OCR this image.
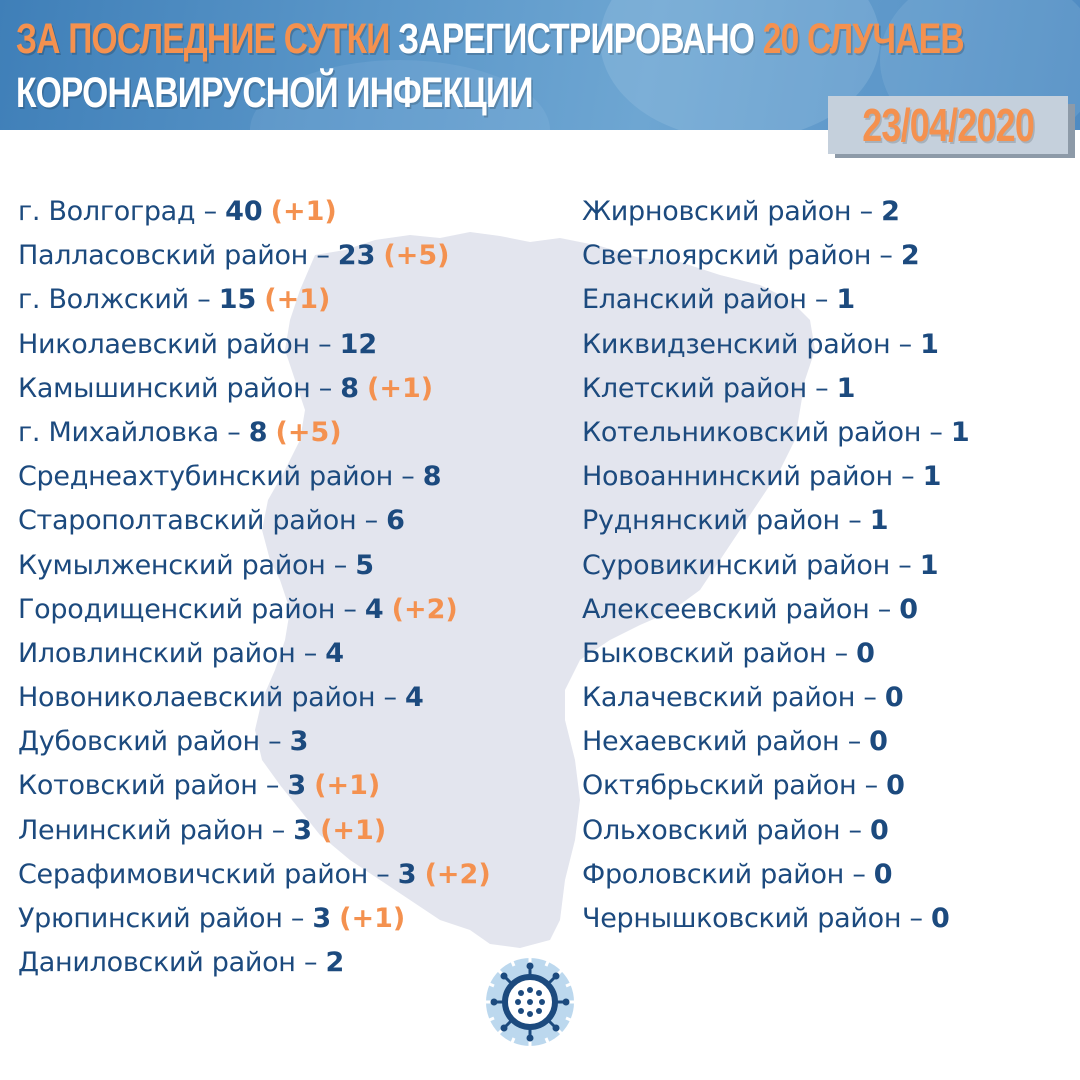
ЗА ПОСЛЕДНИЕ СУТКИ ЗАРЕГИСТРИРОВАНО 20 СЛУЧАЕВ
КОРОНАВИРУСНОЙ ИНФЕКЦИИ
23/04/2020
г. Волгоград – 40 (+1)
Палласовский район – 23 (+5)
г. Волжский – 15 (+1)
Николаевский район – 12
Камышинский район – 8 (+1)
г. Михайловка – 8 (+5)
Среднеахтубинский район – 8
Старополтавский район – 6
Кумылженский район – 5
Городищенский район – 4 (+2)
Иловлинский район – 4
Новониколаевский район – 4
Дубовский район – 3
Котовский район – 3 (+1)
Ленинский район – 3 (+1)
Серафимовичский район – 3 (+2)
Урюпинский район – 3 (+1)
Даниловский район – 2
Жирновский район – 2
Светлоярский район – 2
Еланский район – 1
Киквидзенский район – 1
Клетский район – 1
Котельниковский район – 1
Новоаннинский район – 1
Руднянский район – 1
Суровикинский район – 1
Алексеевский район – 0
Быковский район – 0
Калачевский район – 0
Нехаевский район – 0
Октябрьский район – 0
Ольховский район – 0
Фроловский район – 0
Чернышковский район – 0
